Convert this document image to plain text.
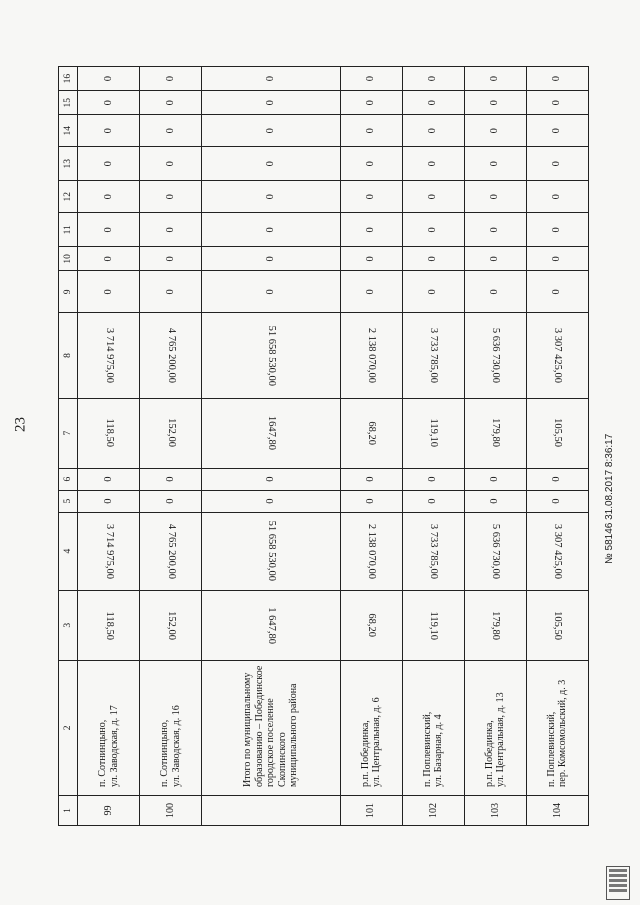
23
1	2	3	4	5	6	7	8	9	10	11	12	13	14	15	16
99	п. Сотнинцыно,
ул. Заводская, д. 17	118,50	3 714 975,00	0	0	118,50	3 714 975,00	0	0	0	0	0	0	0	0
100	п. Сотнинцыно,
ул. Заводская, д. 16	152,00	4 765 200,00	0	0	152,00	4 765 200,00	0	0	0	0	0	0	0	0
	Итого по муниципальному образованию – Побединское городское поселение Скопинского муниципального района	1 647,80	51 658 530,00	0	0	1647,80	51 658 530,00	0	0	0	0	0	0	0	0
101	р.п. Побединка,
ул. Центральная, д. 6	68,20	2 138 070,00	0	0	68,20	2 138 070,00	0	0	0	0	0	0	0	0
102	п. Поплевинский,
ул. Базарная, д. 4	119,10	3 733 785,00	0	0	119,10	3 733 785,00	0	0	0	0	0	0	0	0
103	р.п. Побединка,
ул. Центральная, д. 13	179,80	5 636 730,00	0	0	179,80	5 636 730,00	0	0	0	0	0	0	0	0
104	п. Поплевинский,
пер. Комсомольский, д. 3	105,50	3 307 425,00	0	0	105,50	3 307 425,00	0	0	0	0	0	0	0	0
№ 58146 31.08.2017 8:36:17
